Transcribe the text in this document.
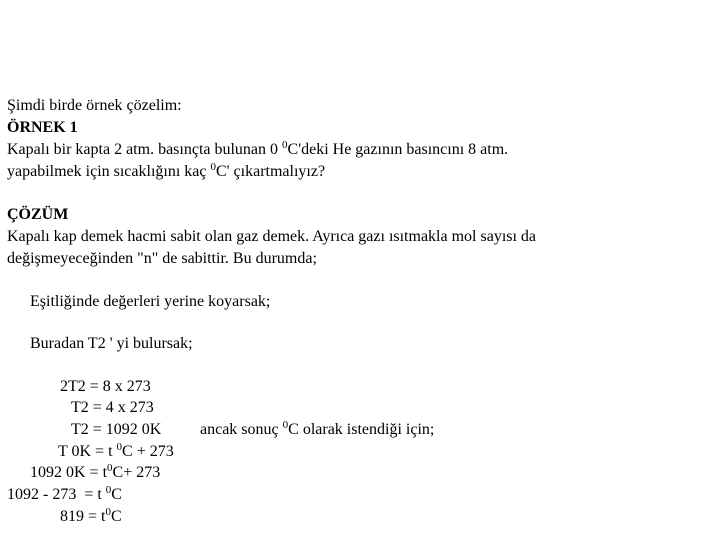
Şimdi birde örnek çözelim:
ÖRNEK 1
Kapalı bir kapta 2 atm. basınçta bulunan 0 $^0$C'deki He gazının basıncını 8 atm.
yapabilmek için sıcaklığını kaç $^0$C' çıkartmalıyız?
ÇÖZÜM
Kapalı kap demek hacmi sabit olan gaz demek. Ayrıca gazı ısıtmakla mol sayısı da
değişmeyeceğinden "n" de sabittir. Bu durumda;
Eşitliğinde değerleri yerine koyarsak;
Buradan T2 ' yi bulursak;
2T2 = 8 x 273
T2 = 4 x 273
T2 = 1092 0K ancak sonuç $^0$C olarak istendiği için;
T 0K = t $^0$C + 273
1092 $0K = t^0C+ 273$
1092 - 273  = t $^0$C
$819 = t^0C$
